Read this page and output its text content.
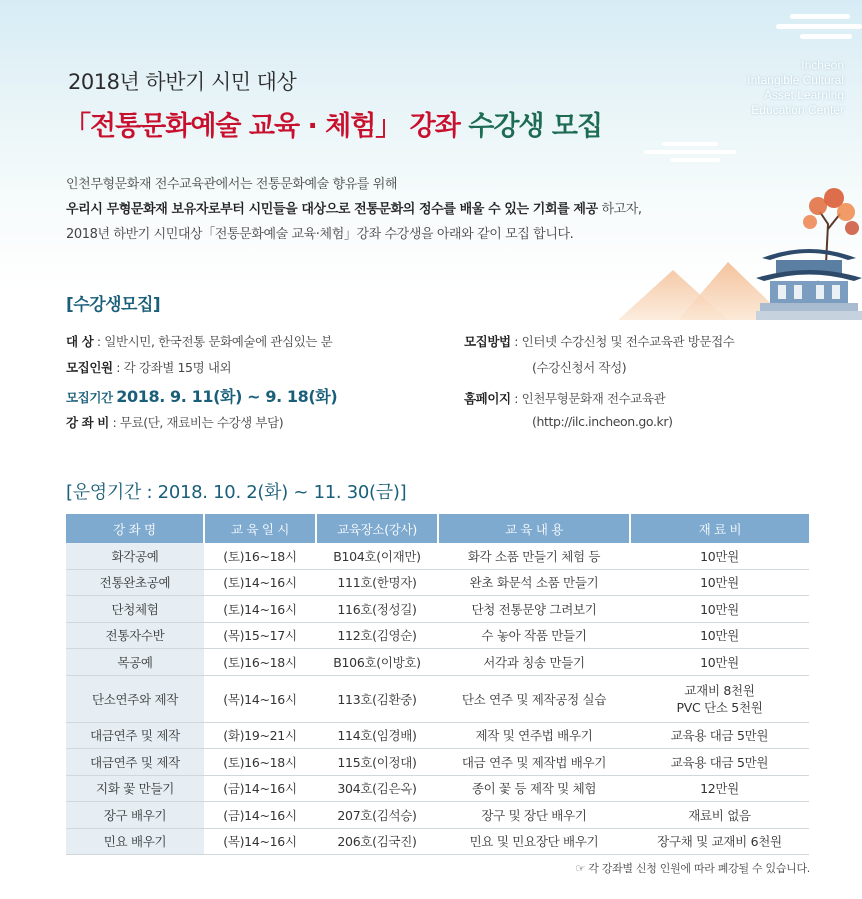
Incheon
Intangible Cultural
Asset Learning
Education Center
2018년 하반기 시민 대상
「전통문화예술 교육 · 체험」 강좌 수강생 모집
인천무형문화재 전수교육관에서는 전통문화예술 향유를 위해
우리시 무형문화재 보유자로부터 시민들을 대상으로 전통문화의 정수를 배울 수 있는 기회를 제공 하고자,
2018년 하반기 시민대상「전통문화예술 교육·체험」강좌 수강생을 아래와 같이 모집 합니다.
[수강생모집]
대 상 : 일반시민, 한국전통 문화예술에 관심있는 분
모집인원 : 각 강좌별 15명 내외
모집기간 2018. 9. 11(화) ~ 9. 18(화)
강 좌 비 : 무료(단, 재료비는 수강생 부담)
모집방법 : 인터넷 수강신청 및 전수교육관 방문접수
(수강신청서 작성)
홈페이지 : 인천무형문화재 전수교육관
(http://ilc.incheon.go.kr)
[운영기간 : 2018. 10. 2(화) ~ 11. 30(금)]
강 좌 명	교 육 일 시	교육장소(강사)	교 육 내 용	재 료 비
화각공예	(토)16~18시	B104호(이재만)	화각 소품 만들기 체험 등	10만원
전통완초공예	(토)14~16시	111호(한명자)	완초 화문석 소품 만들기	10만원
단청체험	(토)14~16시	116호(정성길)	단청 전통문양 그려보기	10만원
전통자수반	(목)15~17시	112호(김영순)	수 놓아 작품 만들기	10만원
목공예	(토)16~18시	B106호(이방호)	서각과 칭송 만들기	10만원
단소연주와 제작	(목)14~16시	113호(김환중)	단소 연주 및 제작공정 실습	교재비 8천원
PVC 단소 5천원
대금연주 및 제작	(화)19~21시	114호(임경배)	제작 및 연주법 배우기	교육용 대금 5만원
대금연주 및 제작	(토)16~18시	115호(이정대)	대금 연주 및 제작법 배우기	교육용 대금 5만원
지화 꽃 만들기	(금)14~16시	304호(김은옥)	종이 꽃 등 제작 및 체험	12만원
장구 배우기	(금)14~16시	207호(김석승)	장구 및 장단 배우기	재료비 없음
민요 배우기	(목)14~16시	206호(김국진)	민요 및 민요장단 배우기	장구채 및 교재비 6천원
☞ 각 강좌별 신청 인원에 따라 폐강될 수 있습니다.
